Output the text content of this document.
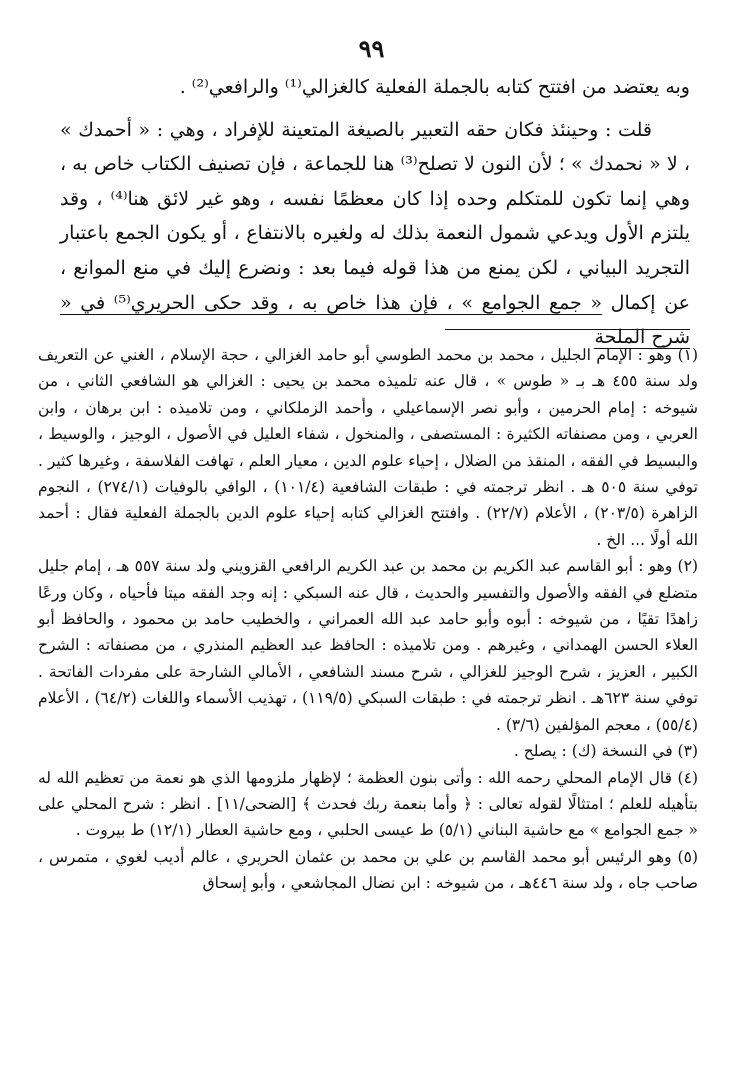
٩٩

وبه يعتضد من افتتح كتابه بالجملة الفعلية كالغزالي⁽¹⁾ والرافعي⁽²⁾ .

قلت : وحينئذ فكان حقه التعبير بالصيغة المتعينة للإفراد ، وهي : « أحمدك » ، لا « نحمدك » ؛ لأن النون لا تصلح⁽³⁾ هنا للجماعة ، فإن تصنيف الكتاب خاص به ، وهي إنما تكون للمتكلم وحده إذا كان معظمًا نفسه ، وهو غير لائق هنا⁽⁴⁾ ، وقد يلتزم الأول ويدعي شمول النعمة بذلك له ولغيره بالانتفاع ، أو يكون الجمع باعتبار التجريد البياني ، لكن يمنع من هذا قوله فيما بعد : ونضرع إليك في منع الموانع ، عن إكمال « جمع الجوامع » ، فإن هذا خاص به ، وقد حكى الحريري⁽⁵⁾ في « شرح الملحة

(١) وهو : الإمام الجليل ، محمد بن محمد الطوسي أبو حامد الغزالي ، حجة الإسلام ، الغني عن التعريف ولد سنة ٤٥٥ هـ بـ « طوس » ، قال عنه تلميذه محمد بن يحيى : الغزالي هو الشافعي الثاني ، من شيوخه : إمام الحرمين ، وأبو نصر الإسماعيلي ، وأحمد الزملكاني ، ومن تلاميذه : ابن برهان ، وابن العربي ، ومن مصنفاته الكثيرة : المستصفى ، والمنخول ، شفاء العليل في الأصول ، الوجيز ، والوسيط ، والبسيط في الفقه ، المنقذ من الضلال ، إحياء علوم الدين ، معيار العلم ، تهافت الفلاسفة ، وغيرها كثير . توفي سنة ٥٠٥ هـ . انظر ترجمته في : طبقات الشافعية (١٠١/٤) ، الوافي بالوفيات (٢٧٤/١) ، النجوم الزاهرة (٢٠٣/٥) ، الأعلام (٢٢/٧) . وافتتح الغزالي كتابه إحياء علوم الدين بالجملة الفعلية فقال : أحمد الله أولًا ... الخ .

(٢) وهو : أبو القاسم عبد الكريم بن محمد بن عبد الكريم الرافعي القزويني ولد سنة ٥٥٧ هـ ، إمام جليل متضلع في الفقه والأصول والتفسير والحديث ، قال عنه السبكي : إنه وجد الفقه ميتا فأحياه ، وكان ورعًا زاهدًا تقيًا ، من شيوخه : أبوه وأبو حامد عبد الله العمراني ، والخطيب حامد بن محمود ، والحافظ أبو العلاء الحسن الهمداني ، وغيرهم . ومن تلاميذه : الحافظ عبد العظيم المنذري ، من مصنفاته : الشرح الكبير ، العزيز ، شرح الوجيز للغزالي ، شرح مسند الشافعي ، الأمالي الشارحة على مفردات الفاتحة . توفي سنة ٦٢٣هـ . انظر ترجمته في : طبقات السبكي (١١٩/٥) ، تهذيب الأسماء واللغات (٦٤/٢) ، الأعلام (٥٥/٤) ، معجم المؤلفين (٣/٦) .

(٣) في النسخة (ك) : يصلح .

(٤) قال الإمام المحلي رحمه الله : وأتى بنون العظمة ؛ لإظهار ملزومها الذي هو نعمة من تعظيم الله له بتأهيله للعلم ؛ امتثالًا لقوله تعالى : ﴿ وأما بنعمة ربك فحدث ﴾ [الضحى/١١] . انظر : شرح المحلي على « جمع الجوامع » مع حاشية البناني (٥/١) ط عيسى الحلبي ، ومع حاشية العطار (١٢/١) ط بيروت .

(٥) وهو الرئيس أبو محمد القاسم بن علي بن محمد بن عثمان الحريري ، عالم أديب لغوي ، متمرس ، صاحب جاه ، ولد سنة ٤٤٦هـ ، من شيوخه : ابن نضال المجاشعي ، وأبو إسحاق
